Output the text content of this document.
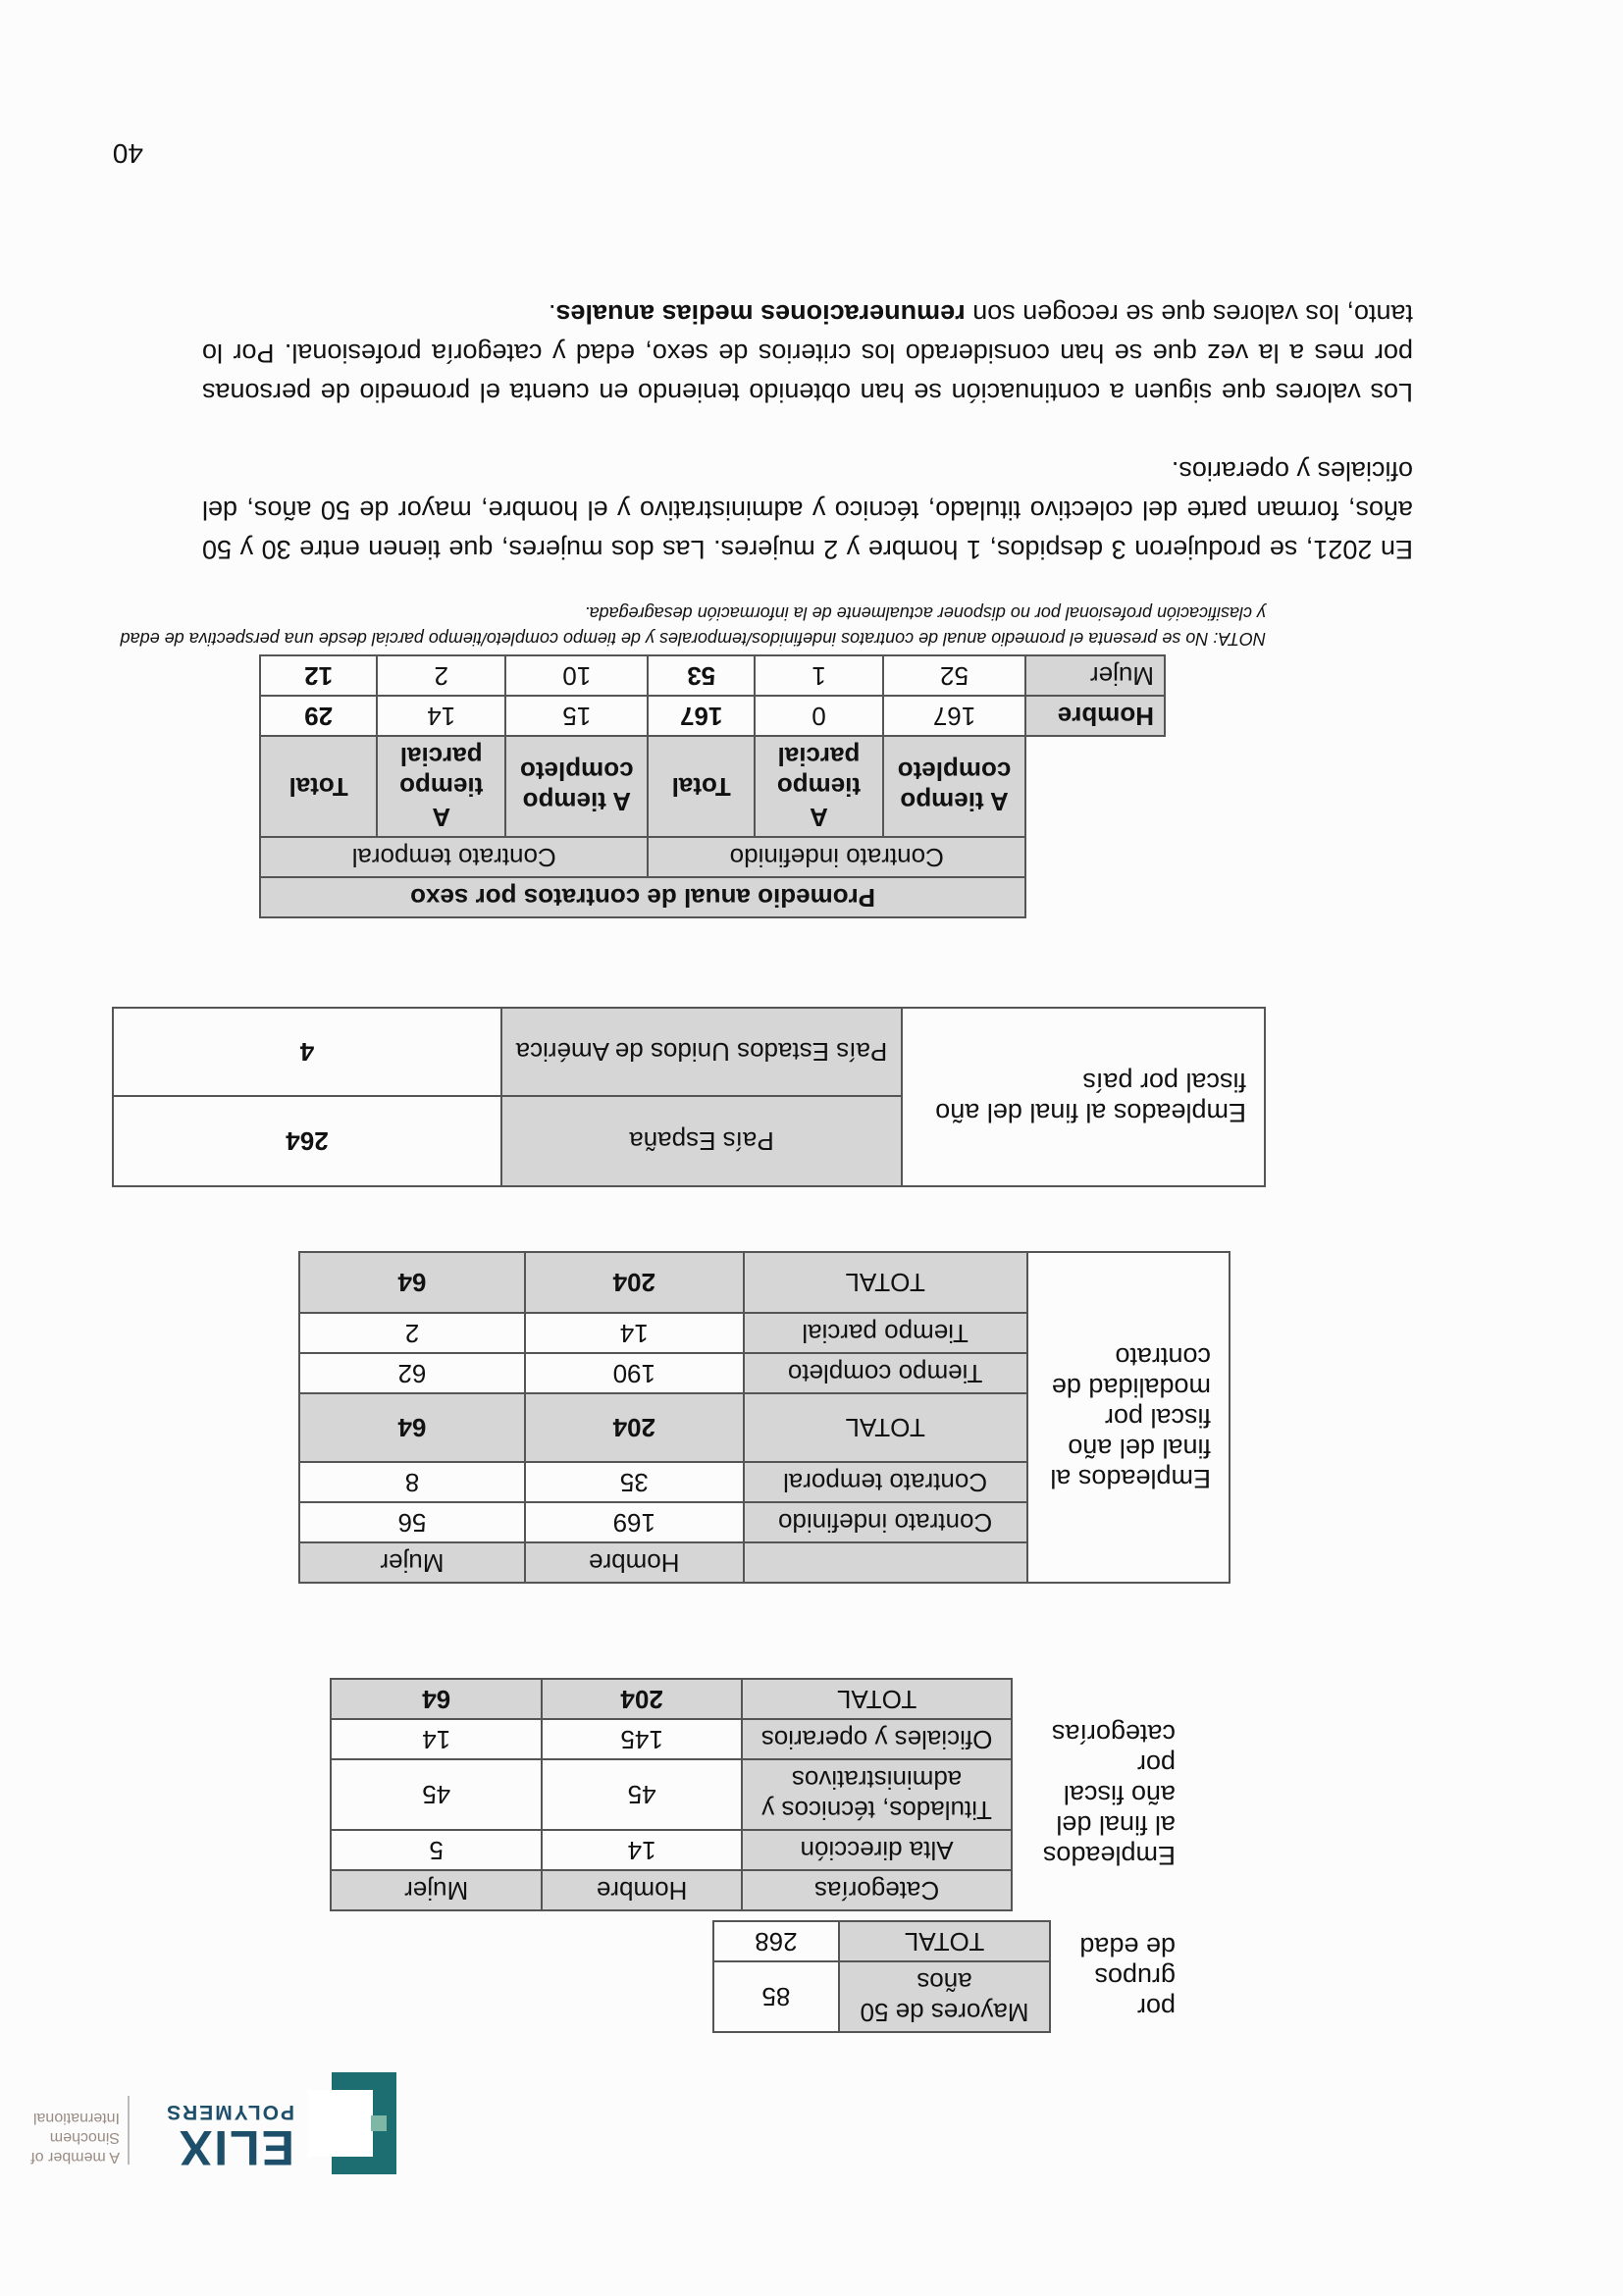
ELIX
POLYMERS
A member of
Sinochem
International
por grupos de edad	Mayores de 50 años	85
	TOTAL	268
Empleados al final del año fiscal por categorías	Categorías	Hombre	Mujer
	Alta dirección	14	5
	Titulados, técnicos y administrativos	45	45
	Oficiales y operarios	145	14
	TOTAL	204	64
Empleados al final del año fiscal por modalidad de contrato		Hombre	Mujer
	Contrato indefinido	169	56
	Contrato temporal	35	8
	TOTAL	204	64
	Tiempo completo	190	62
	Tiempo parcial	14	2
	TOTAL	204	64
Empleados al final del año fiscal por país	País España	264
	País Estados Unidos de América	4
	Promedio anual de contratos por sexo					
	Contrato indefinido			Contrato temporal		
	A tiempo completo	A tiempo parcial	Total	A tiempo completo	A tiempo parcial	Total
Hombre	167	0	167	15	14	29
Mujer	52	1	53	10	2	12

NOTA: No se presenta el promedio anual de contratos indefinidos/temporales y de tiempo completo/tiempo parcial desde una perspectiva de edad y clasificación profesional por no disponer actualmente de la información desagregada.

En 2021, se produjeron 3 despidos, 1 hombre y 2 mujeres. Las dos mujeres, que tienen entre 30 y 50 años, forman parte del colectivo titulado, técnico y administrativo y el hombre, mayor de 50 años, del oficiales y operarios.

Los valores que siguen a continuación se han obtenido teniendo en cuenta el promedio de personas por mes a la vez que se han considerado los criterios de sexo, edad y categoría profesional. Por lo tanto, los valores que se recogen son remuneraciones medias anuales.

40
